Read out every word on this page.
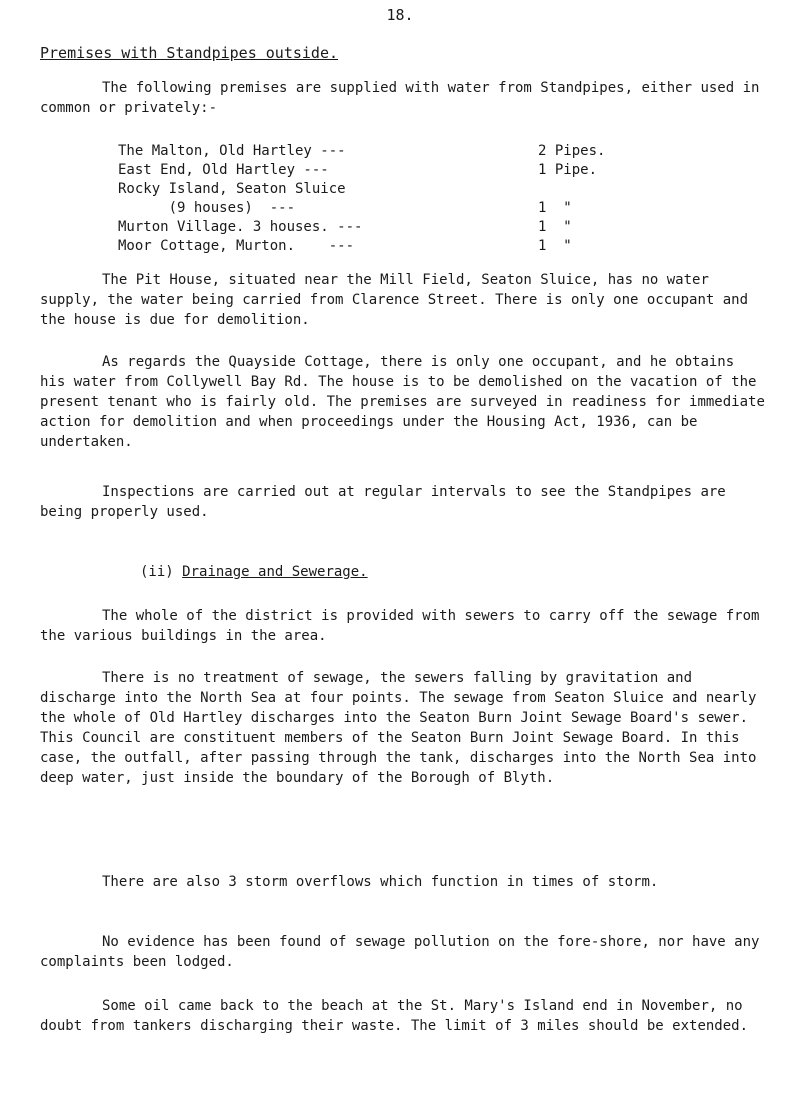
18.
Premises with Standpipes outside.

The following premises are supplied with water from Standpipes, either used in common or privately:-

The Malton, Old Hartley ---	2 Pipes.
East End, Old Hartley ---	1 Pipe.
Rocky Island, Seaton Sluice
(9 houses)  ---	1  "
Murton Village. 3 houses. ---	1  "
Moor Cottage, Murton.    ---	1  "

The Pit House, situated near the Mill Field, Seaton Sluice, has no water supply, the water being carried from Clarence Street. There is only one occupant and the house is due for demolition.

As regards the Quayside Cottage, there is only one occupant, and he obtains his water from Collywell Bay Rd. The house is to be demolished on the vacation of the present tenant who is fairly old. The premises are surveyed in readiness for immediate action for demolition and when proceedings under the Housing Act, 1936, can be undertaken.

Inspections are carried out at regular intervals to see the Standpipes are being properly used.

(ii) Drainage and Sewerage.

The whole of the district is provided with sewers to carry off the sewage from the various buildings in the area.

There is no treatment of sewage, the sewers falling by gravitation and discharge into the North Sea at four points. The sewage from Seaton Sluice and nearly the whole of Old Hartley discharges into the Seaton Burn Joint Sewage Board's sewer. This Council are constituent members of the Seaton Burn Joint Sewage Board. In this case, the outfall, after passing through the tank, discharges into the North Sea into deep water, just inside the boundary of the Borough of Blyth.

There are also 3 storm overflows which function in times of storm.

No evidence has been found of sewage pollution on the fore-shore, nor have any complaints been lodged.

Some oil came back to the beach at the St. Mary's Island end in November, no doubt from tankers discharging their waste. The limit of 3 miles should be extended.
